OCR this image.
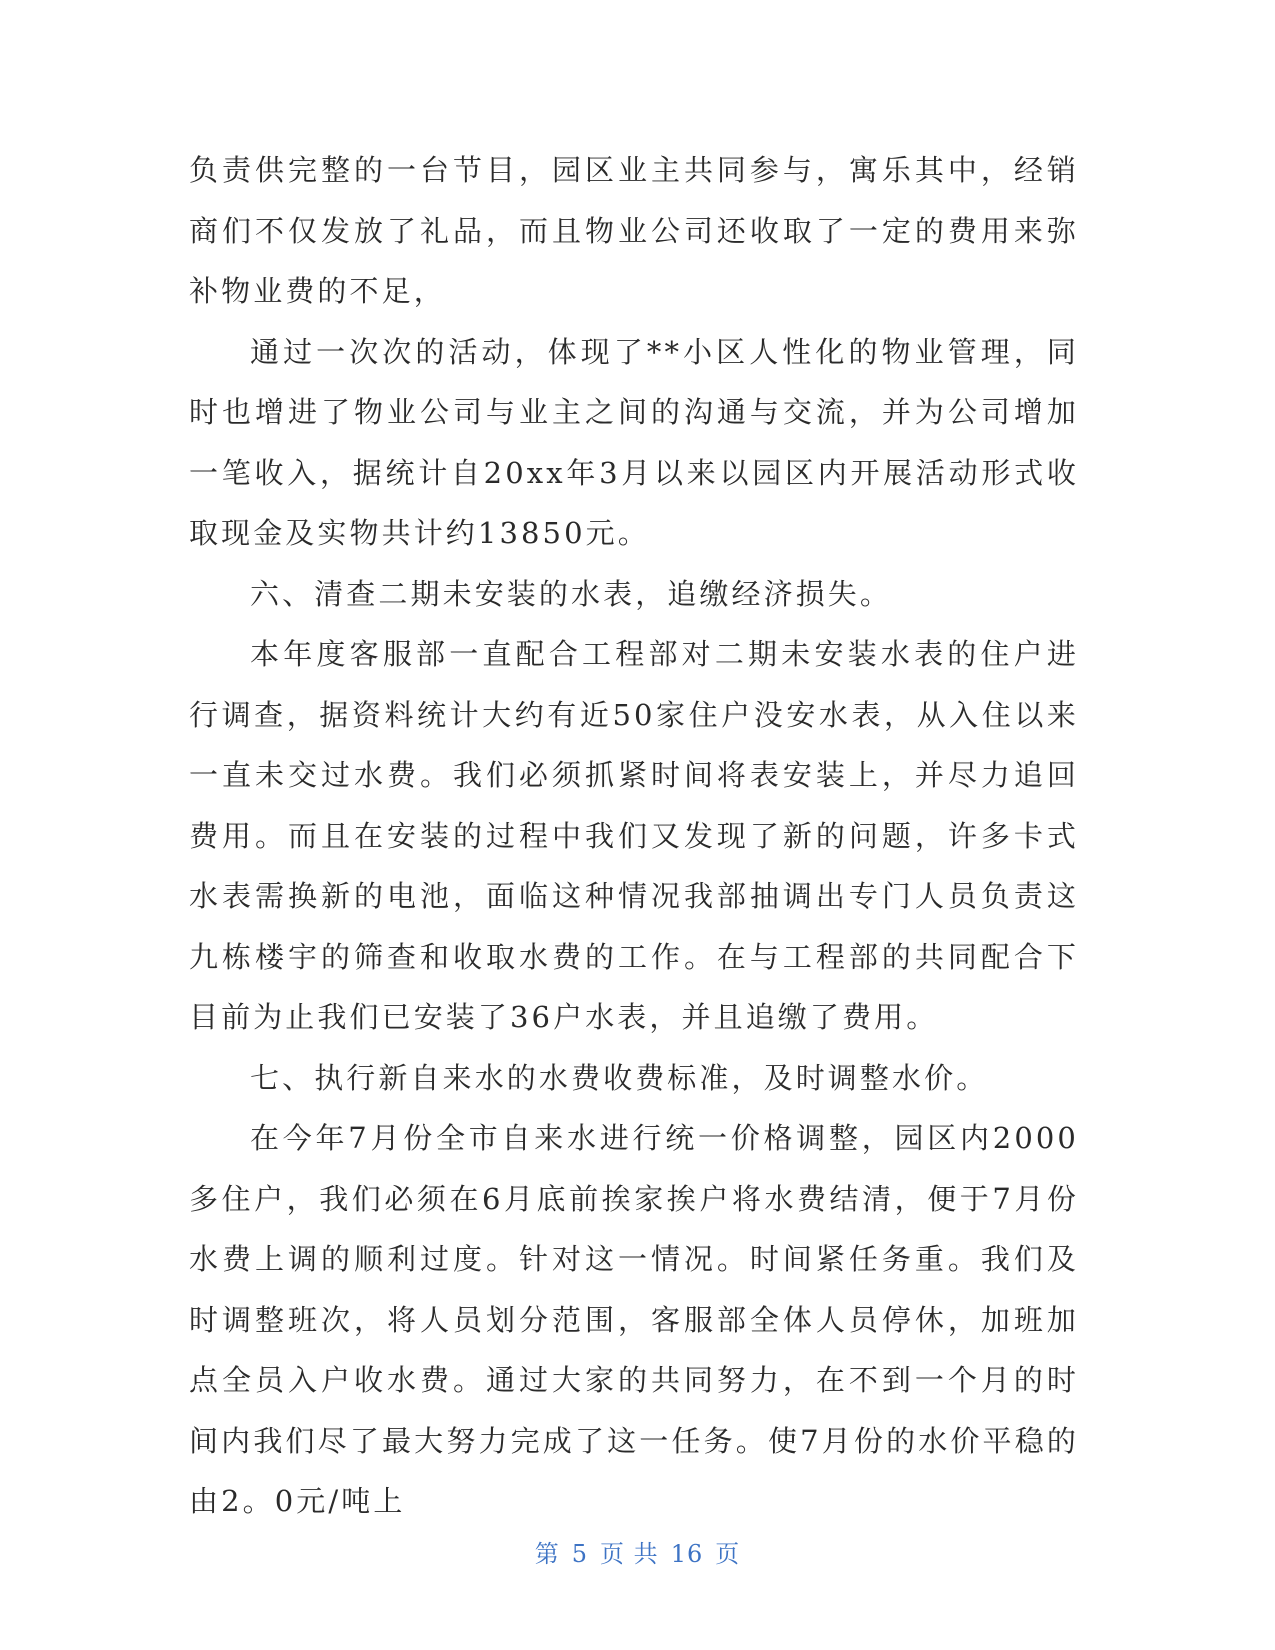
负责供完整的一台节目，园区业主共同参与，寓乐其中，经销商们不仅发放了礼品，而且物业公司还收取了一定的费用来弥补物业费的不足，

通过一次次的活动，体现了**小区人性化的物业管理，同时也增进了物业公司与业主之间的沟通与交流，并为公司增加一笔收入，据统计自20xx年3月以来以园区内开展活动形式收取现金及实物共计约13850元。

六、清查二期未安装的水表，追缴经济损失。

本年度客服部一直配合工程部对二期未安装水表的住户进行调查，据资料统计大约有近50家住户没安水表，从入住以来一直未交过水费。我们必须抓紧时间将表安装上，并尽力追回费用。而且在安装的过程中我们又发现了新的问题，许多卡式水表需换新的电池，面临这种情况我部抽调出专门人员负责这九栋楼宇的筛查和收取水费的工作。在与工程部的共同配合下目前为止我们已安装了36户水表，并且追缴了费用。

七、执行新自来水的水费收费标准，及时调整水价。

在今年7月份全市自来水进行统一价格调整，园区内2000多住户，我们必须在6月底前挨家挨户将水费结清，便于7月份水费上调的顺利过度。针对这一情况。时间紧任务重。我们及时调整班次，将人员划分范围，客服部全体人员停休，加班加点全员入户收水费。通过大家的共同努力，在不到一个月的时间内我们尽了最大努力完成了这一任务。使7月份的水价平稳的由2。0元/吨上

第 5 页 共 16 页
